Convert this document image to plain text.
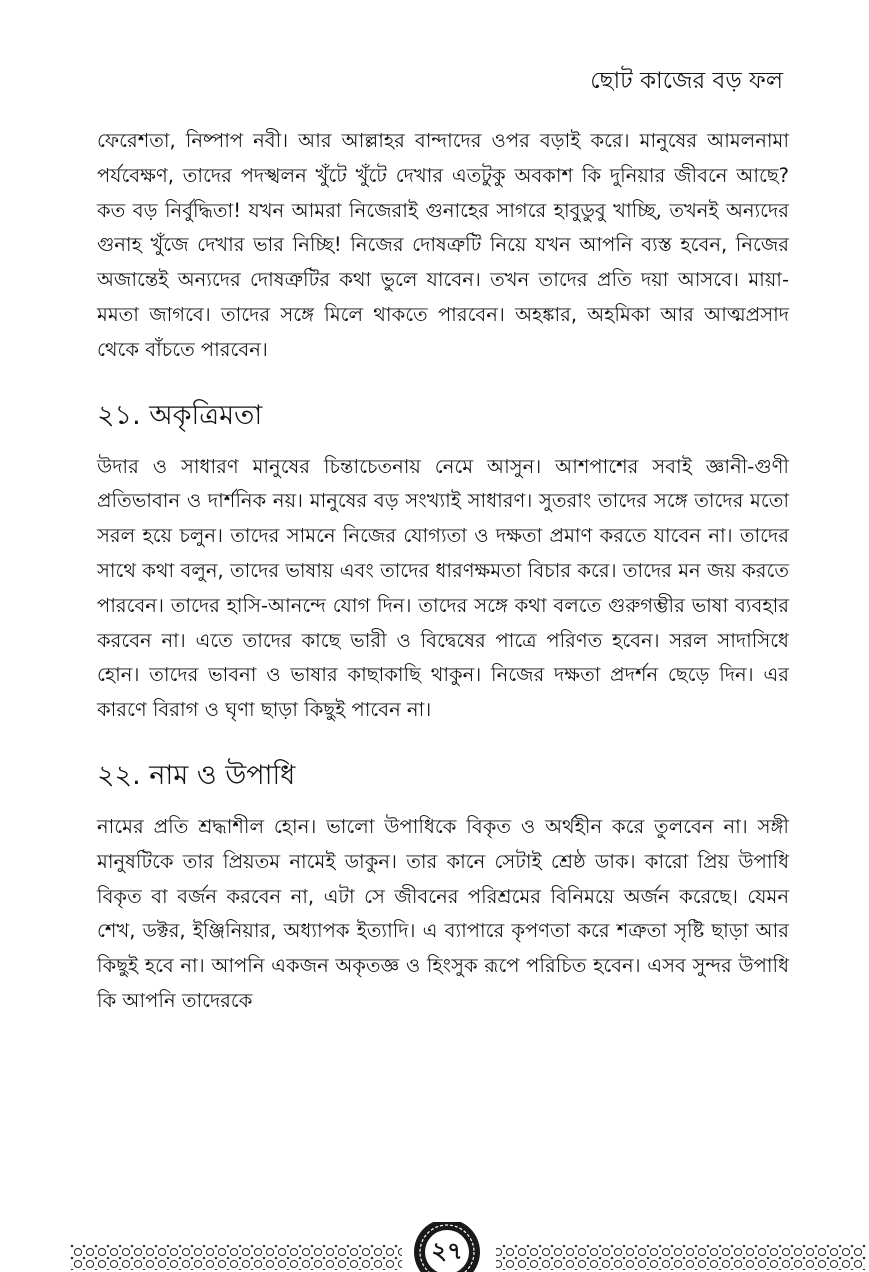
ছোট কাজের বড় ফল

ফেরেশতা, নিষ্পাপ নবী। আর আল্লাহর বান্দাদের ওপর বড়াই করে। মানুষের আমলনামা পর্যবেক্ষণ, তাদের পদস্খলন খুঁটে খুঁটে দেখার এতটুকু অবকাশ কি দুনিয়ার জীবনে আছে? কত বড় নির্বুদ্ধিতা! যখন আমরা নিজেরাই গুনাহের সাগরে হাবুডুবু খাচ্ছি, তখনই অন্যদের গুনাহ খুঁজে দেখার ভার নিচ্ছি! নিজের দোষত্রুটি নিয়ে যখন আপনি ব্যস্ত হবেন, নিজের অজান্তেই অন্যদের দোষত্রুটির কথা ভুলে যাবেন। তখন তাদের প্রতি দয়া আসবে। মায়া-মমতা জাগবে। তাদের সঙ্গে মিলে থাকতে পারবেন। অহঙ্কার, অহমিকা আর আত্মপ্রসাদ থেকে বাঁচতে পারবেন।

২১. অকৃত্রিমতা

উদার ও সাধারণ মানুষের চিন্তাচেতনায় নেমে আসুন। আশপাশের সবাই জ্ঞানী-গুণী প্রতিভাবান ও দার্শনিক নয়। মানুষের বড় সংখ্যাই সাধারণ। সুতরাং তাদের সঙ্গে তাদের মতো সরল হয়ে চলুন। তাদের সামনে নিজের যোগ্যতা ও দক্ষতা প্রমাণ করতে যাবেন না। তাদের সাথে কথা বলুন, তাদের ভাষায় এবং তাদের ধারণক্ষমতা বিচার করে। তাদের মন জয় করতে পারবেন। তাদের হাসি-আনন্দে যোগ দিন। তাদের সঙ্গে কথা বলতে গুরুগম্ভীর ভাষা ব্যবহার করবেন না। এতে তাদের কাছে ভারী ও বিদ্বেষের পাত্রে পরিণত হবেন। সরল সাদাসিধে হোন। তাদের ভাবনা ও ভাষার কাছাকাছি থাকুন। নিজের দক্ষতা প্রদর্শন ছেড়ে দিন। এর কারণে বিরাগ ও ঘৃণা ছাড়া কিছুই পাবেন না।

২২. নাম ও উপাধি

নামের প্রতি শ্রদ্ধাশীল হোন। ভালো উপাধিকে বিকৃত ও অর্থহীন করে তুলবেন না। সঙ্গী মানুষটিকে তার প্রিয়তম নামেই ডাকুন। তার কানে সেটাই শ্রেষ্ঠ ডাক। কারো প্রিয় উপাধি বিকৃত বা বর্জন করবেন না, এটা সে জীবনের পরিশ্রমের বিনিময়ে অর্জন করেছে। যেমন শেখ, ডক্টর, ইঞ্জিনিয়ার, অধ্যাপক ইত্যাদি। এ ব্যাপারে কৃপণতা করে শত্রুতা সৃষ্টি ছাড়া আর কিছুই হবে না। আপনি একজন অকৃতজ্ঞ ও হিংসুক রূপে পরিচিত হবেন। এসব সুন্দর উপাধি কি আপনি তাদেরকে

২৭
